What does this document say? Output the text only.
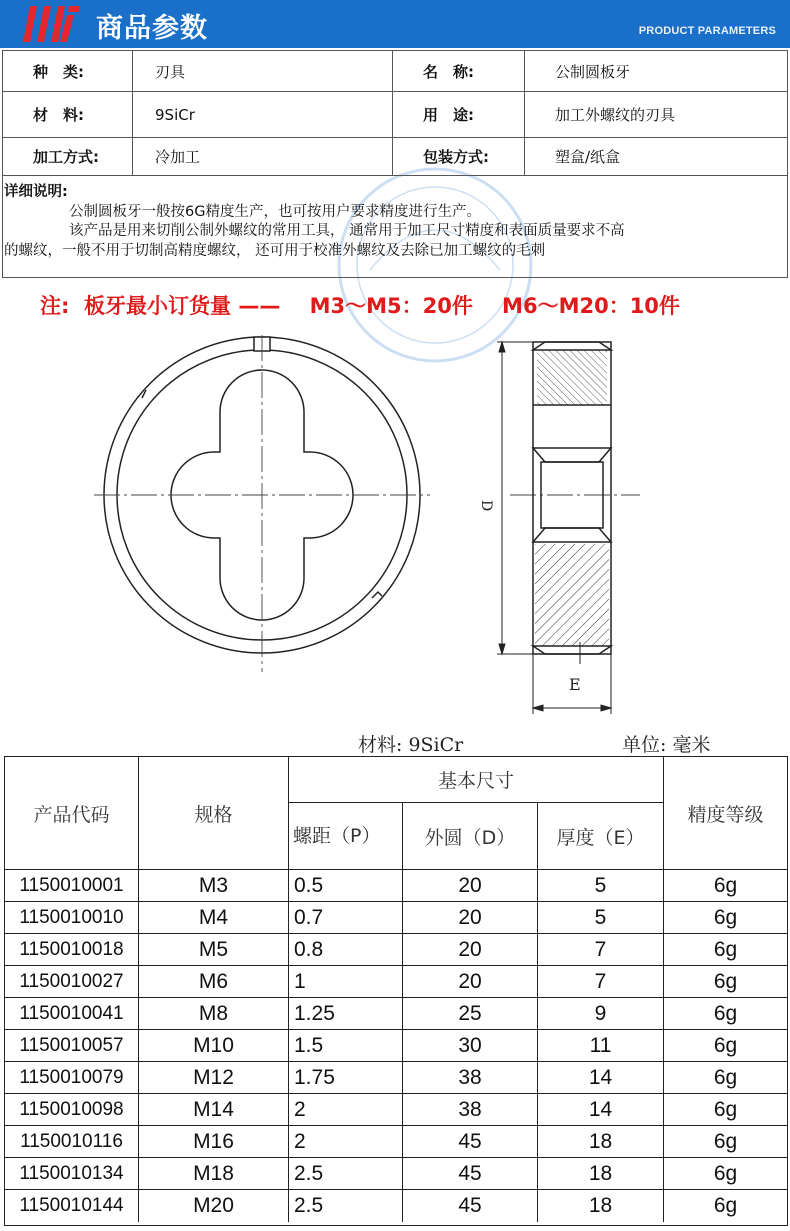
商品参数	PRODUCT PARAMETERS
种　类:	刃具	名　称:	公制圆板牙
材　料:	9SiCr	用　途:	加工外螺纹的刃具
加工方式:	冷加工	包装方式:	塑盒/纸盒
详细说明:
公制圆板牙一般按6G精度生产，也可按用户要求精度进行生产。
该产品是用来切削公制外螺纹的常用工具， 通常用于加工尺寸精度和表面质量要求不高
的螺纹，一般不用于切制高精度螺纹， 还可用于校准外螺纹及去除已加工螺纹的毛刺
注:  板牙最小订货量 ——    M3～M5：20件    M6～M20：10件
D
E
材料: 9SiCr	单位: 毫米
产品代码	规格
基本尺寸
螺距（P）	外圆（D）	厚度（E）
精度等级
1150010001	M3	0.5	20	5	6g
1150010010	M4	0.7	20	5	6g
1150010018	M5	0.8	20	7	6g
1150010027	M6	1	20	7	6g
1150010041	M8	1.25	25	9	6g
1150010057	M10	1.5	30	11	6g
1150010079	M12	1.75	38	14	6g
1150010098	M14	2	38	14	6g
1150010116	M16	2	45	18	6g
1150010134	M18	2.5	45	18	6g
1150010144	M20	2.5	45	18	6g
